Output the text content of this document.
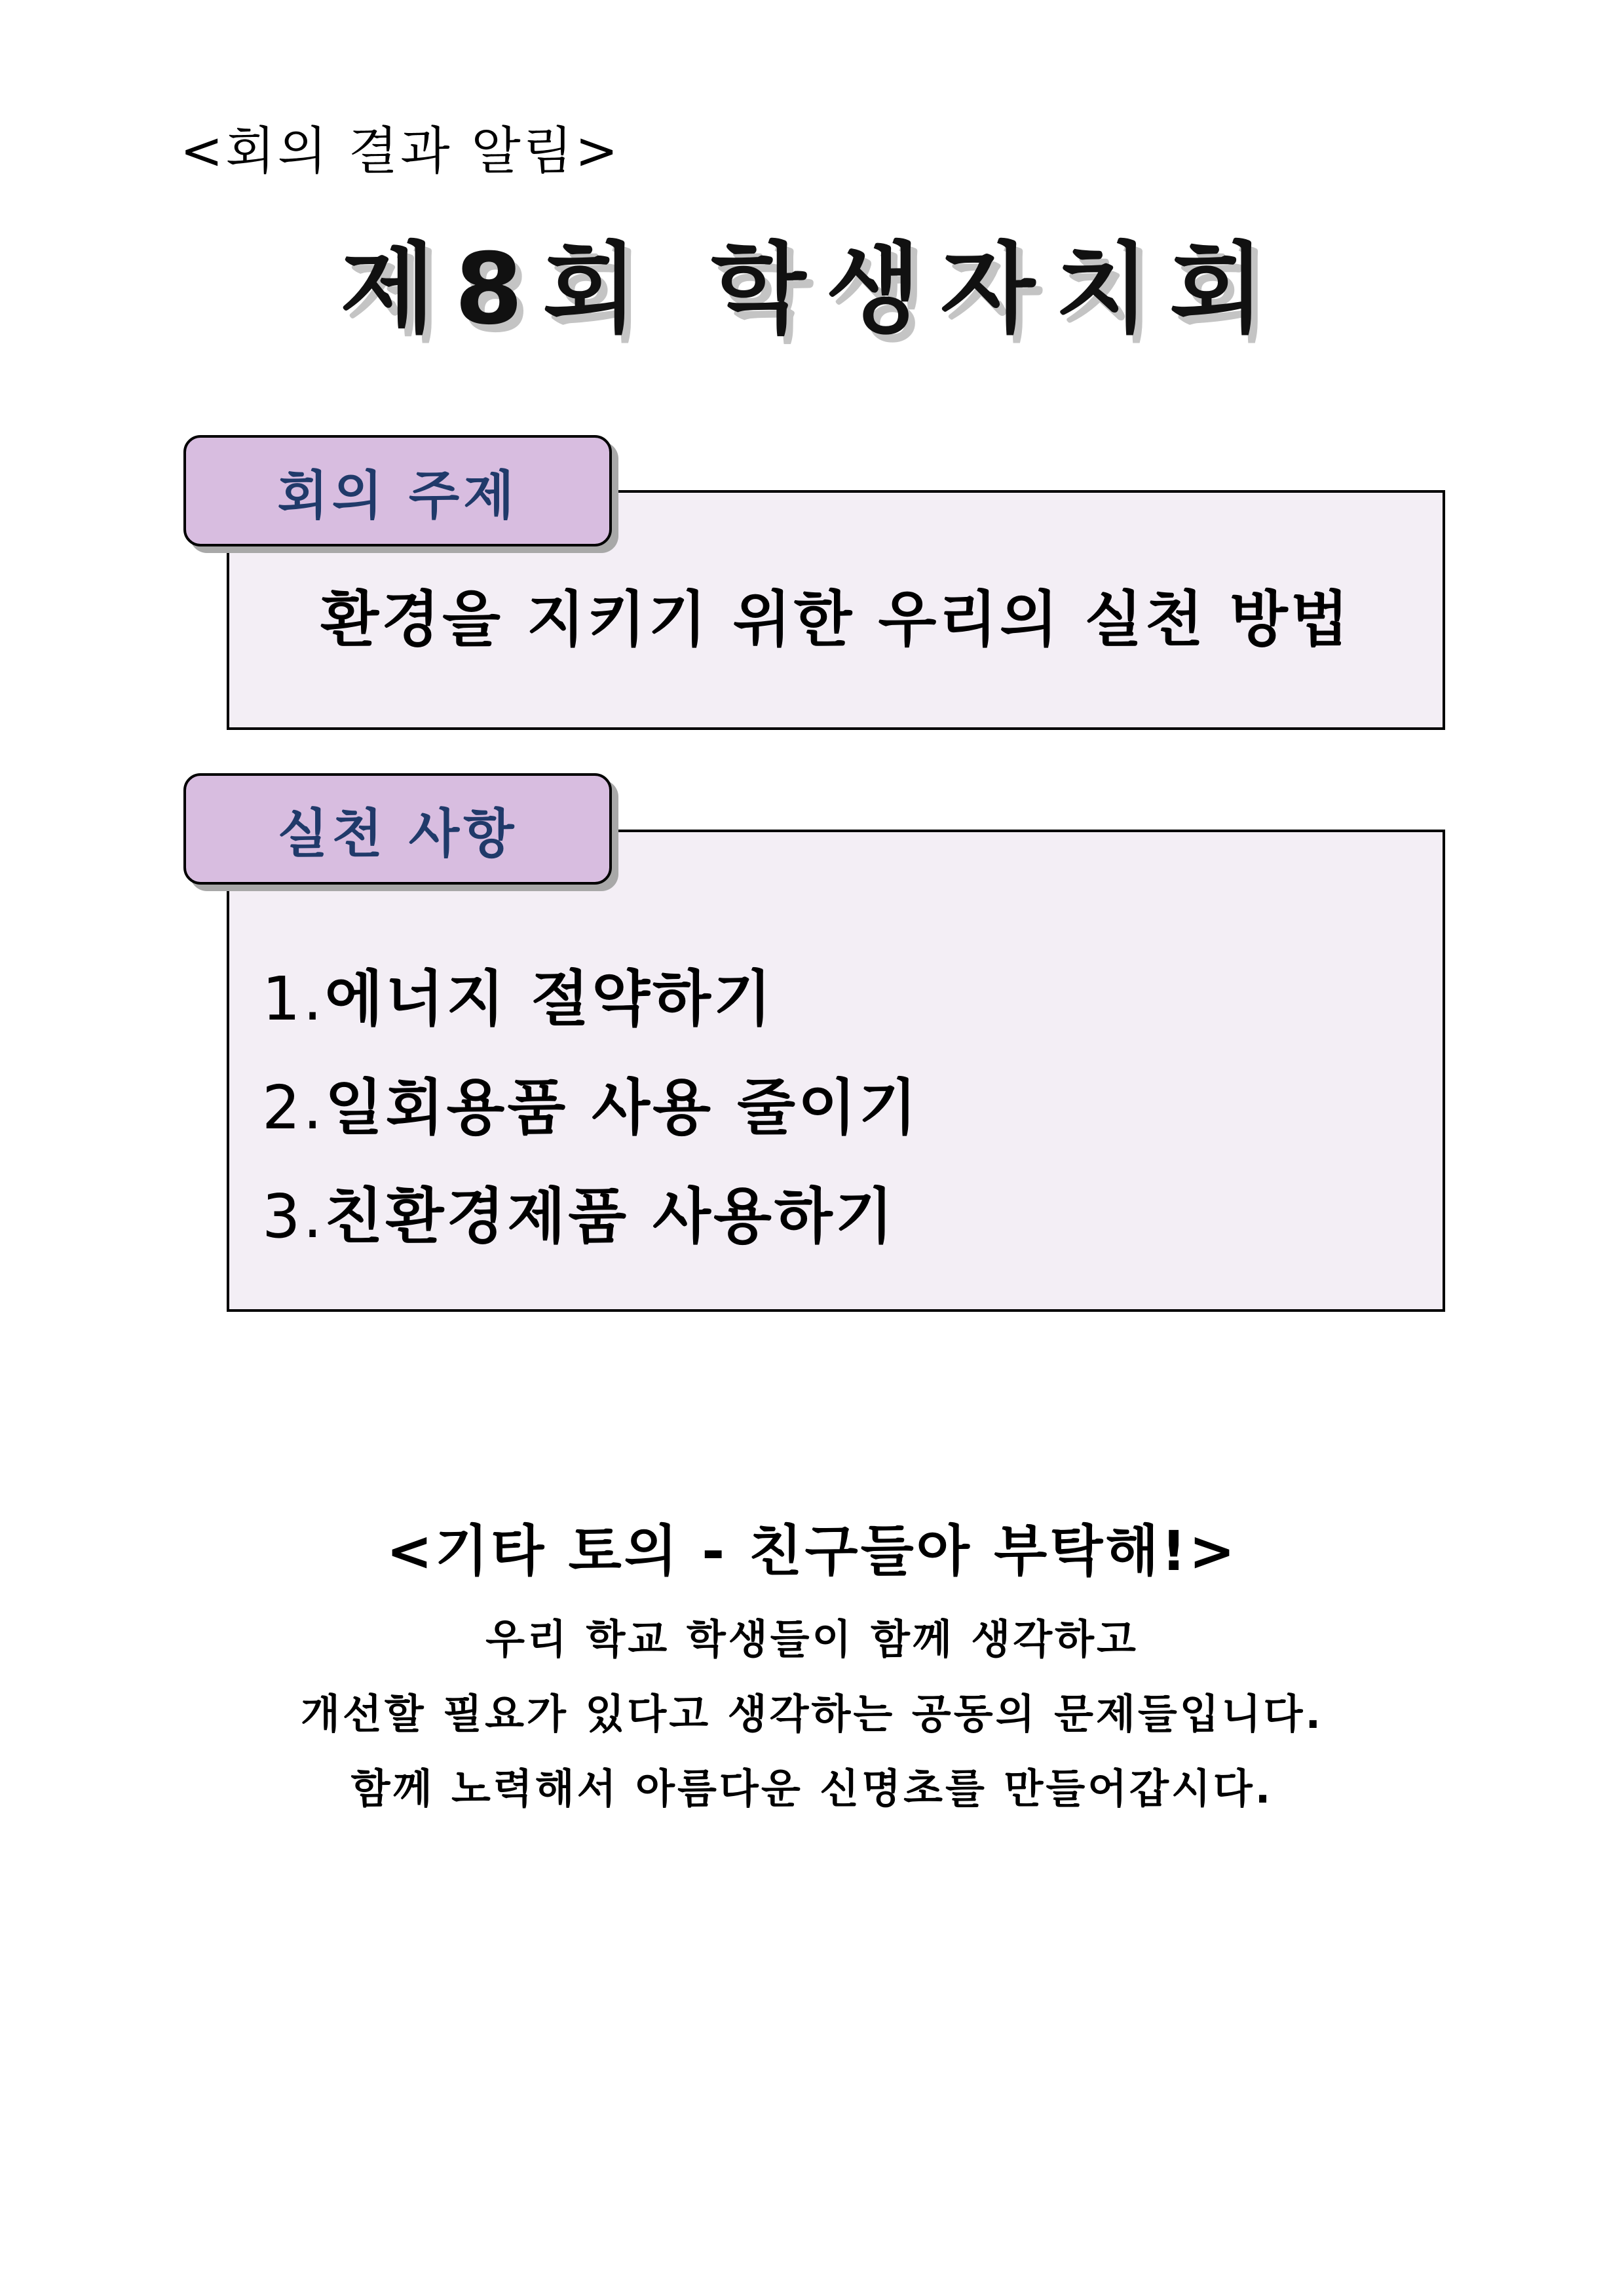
<회의 결과 알림>
제8회 학생자치회
환경을 지키기 위한 우리의 실천 방법
회의 주제
1.에너지 절약하기
2.일회용품 사용 줄이기
3.친환경제품 사용하기
실천 사항
<기타 토의 - 친구들아 부탁해!>
우리 학교 학생들이 함께 생각하고
개선할 필요가 있다고 생각하는 공동의 문제들입니다.
함께 노력해서 아름다운 신명초를 만들어갑시다.
